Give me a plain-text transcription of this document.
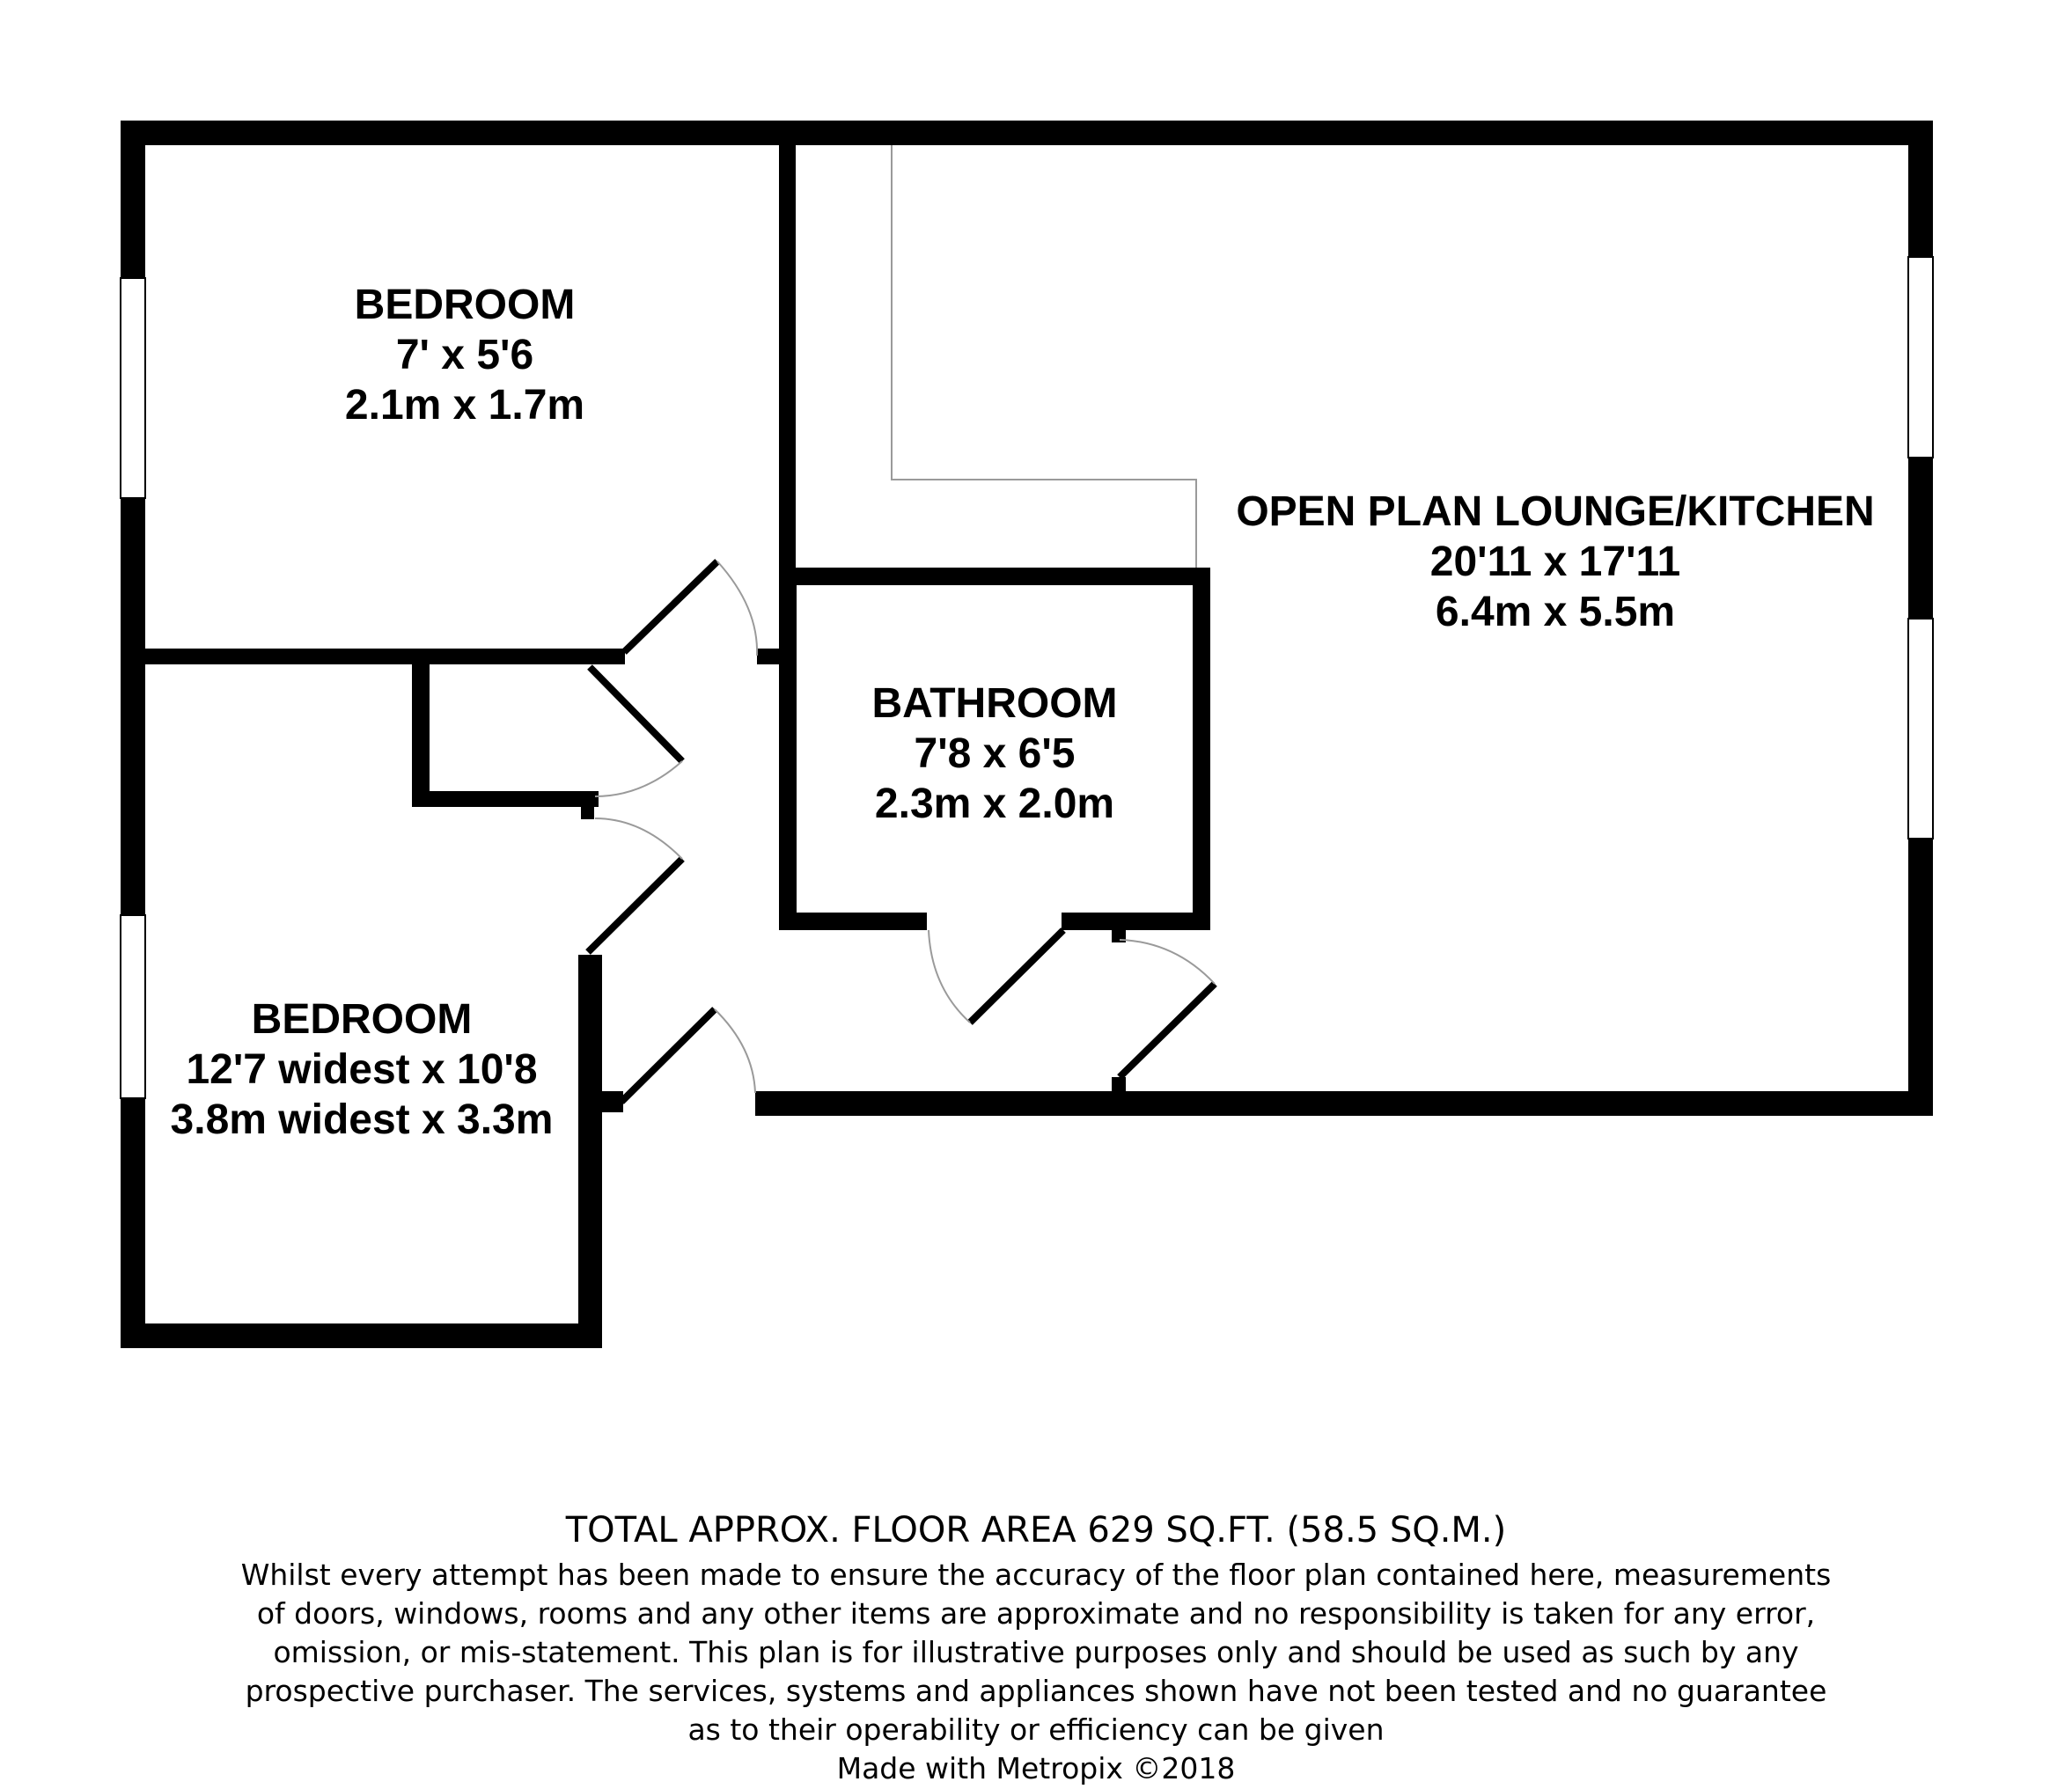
BEDROOM
7' x 5'6
2.1m x 1.7m
BEDROOM
12'7 widest x 10'8
3.8m widest x 3.3m
BATHROOM
7'8 x 6'5
2.3m x 2.0m
OPEN PLAN LOUNGE/KITCHEN
20'11 x 17'11
6.4m x 5.5m

TOTAL APPROX. FLOOR AREA 629 SQ.FT. (58.5 SQ.M.)

Whilst every attempt has been made to ensure the accuracy of the floor plan contained here, measurements of doors, windows, rooms and any other items are approximate and no responsibility is taken for any error, omission, or mis-statement. This plan is for illustrative purposes only and should be used as such by any prospective purchaser. The services, systems and appliances shown have not been tested and no guarantee as to their operability or efficiency can be given

Made with Metropix ©2018
